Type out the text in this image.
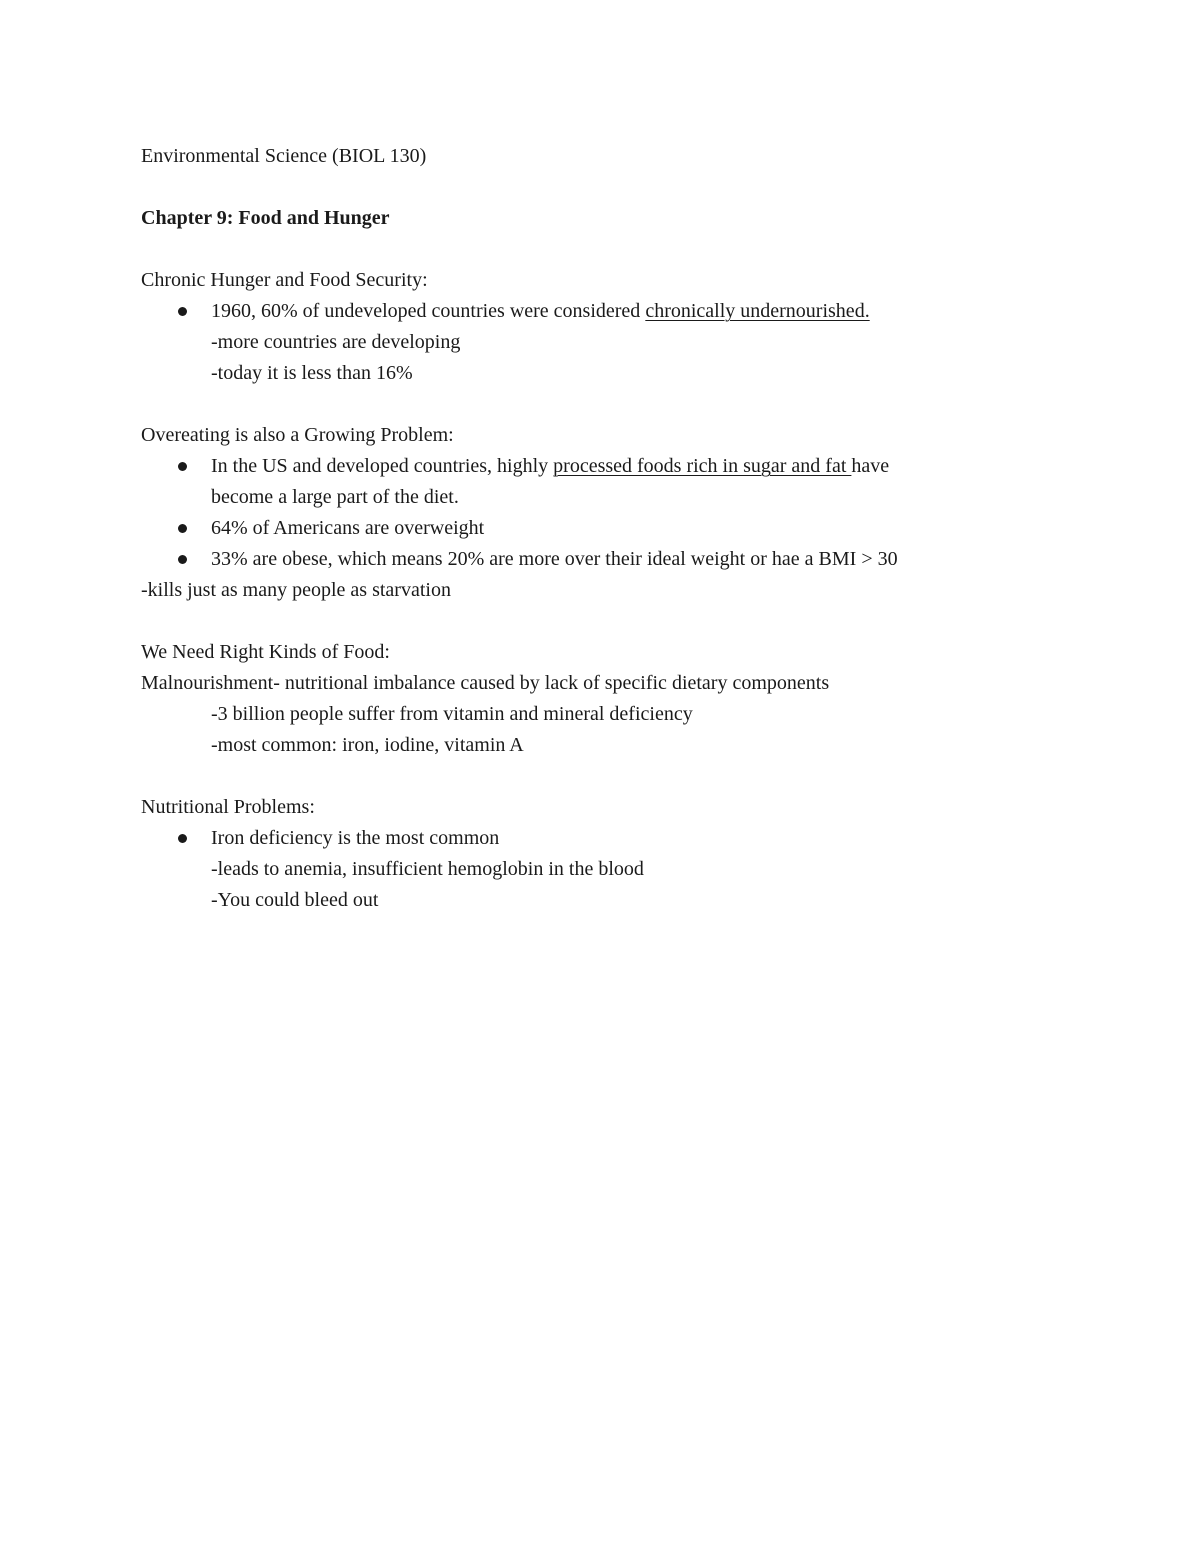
Environmental Science (BIOL 130)
Chapter 9: Food and Hunger
Chronic Hunger and Food Security:
1960, 60% of undeveloped countries were considered chronically undernourished.
-more countries are developing
-today it is less than 16%
Overeating is also a Growing Problem:
In the US and developed countries, highly processed foods rich in sugar and fat have
become a large part of the diet.
64% of Americans are overweight
33% are obese, which means 20% are more over their ideal weight or hae a BMI > 30
-kills just as many people as starvation
We Need Right Kinds of Food:
Malnourishment- nutritional imbalance caused by lack of specific dietary components
-3 billion people suffer from vitamin and mineral deficiency
-most common: iron, iodine, vitamin A
Nutritional Problems:
Iron deficiency is the most common
-leads to anemia, insufficient hemoglobin in the blood
-You could bleed out
